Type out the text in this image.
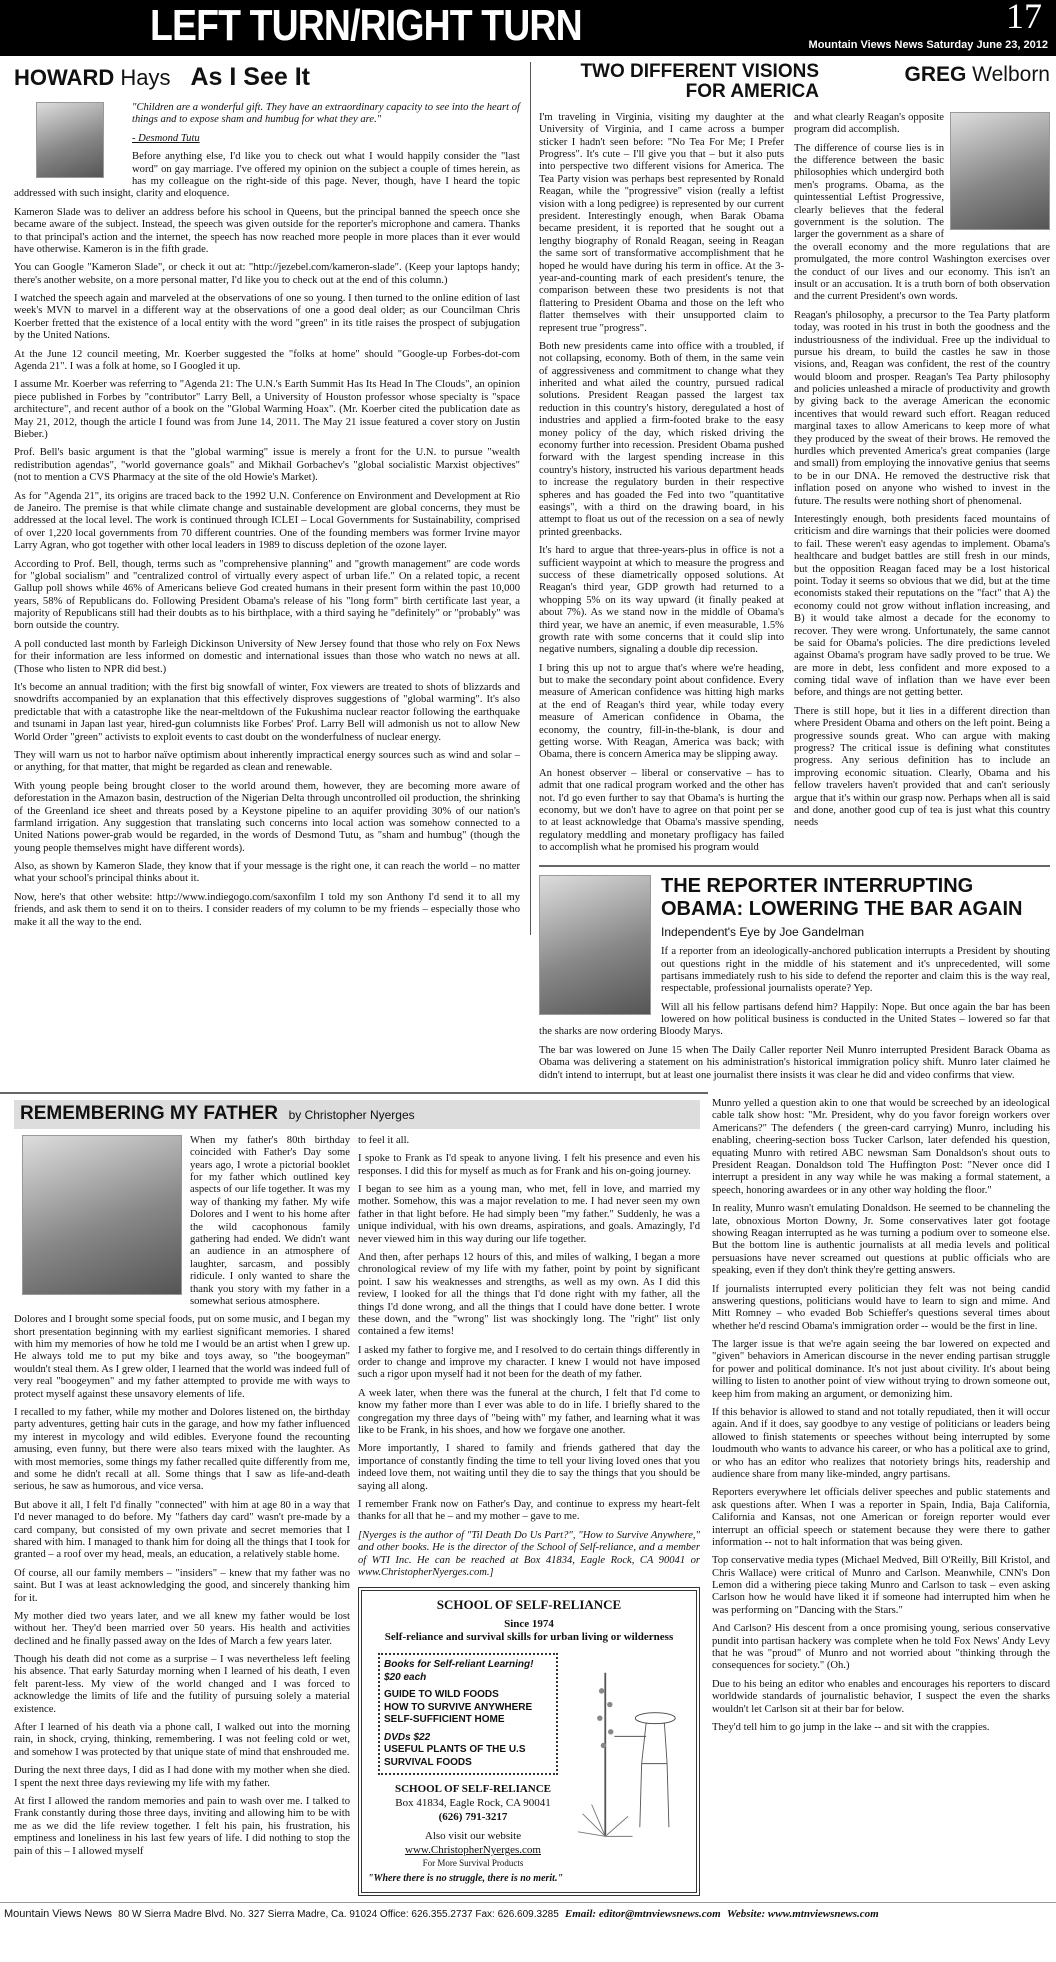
LEFT TURN/RIGHT TURN	17
Mountain Views News Saturday June 23, 2012
HOWARD Hays As I See It

"Children are a wonderful gift. They have an extraordinary capacity to see into the heart of things and to expose sham and humbug for what they are."

- Desmond Tutu

Before anything else, I'd like you to check out what I would happily consider the "last word" on gay marriage. I've offered my opinion on the subject a couple of times herein, as has my colleague on the right-side of this page. Never, though, have I heard the topic addressed with such insight, clarity and eloquence.

Kameron Slade was to deliver an address before his school in Queens, but the principal banned the speech once she became aware of the subject. Instead, the speech was given outside for the reporter's microphone and camera. Thanks to that principal's action and the internet, the speech has now reached more people in more places than it ever would have otherwise. Kameron is in the fifth grade.

You can Google "Kameron Slade", or check it out at: "http://jezebel.com/kameron-slade". (Keep your laptops handy; there's another website, on a more personal matter, I'd like you to check out at the end of this column.)

I watched the speech again and marveled at the observations of one so young. I then turned to the online edition of last week's MVN to marvel in a different way at the observations of one a good deal older; as our Councilman Chris Koerber fretted that the existence of a local entity with the word "green" in its title raises the prospect of subjugation by the United Nations.

At the June 12 council meeting, Mr. Koerber suggested the "folks at home" should "Google-up Forbes-dot-com Agenda 21". I was a folk at home, so I Googled it up.

I assume Mr. Koerber was referring to "Agenda 21: The U.N.'s Earth Summit Has Its Head In The Clouds", an opinion piece published in Forbes by "contributor" Larry Bell, a University of Houston professor whose specialty is "space architecture", and recent author of a book on the "Global Warming Hoax". (Mr. Koerber cited the publication date as May 21, 2012, though the article I found was from June 14, 2011. The May 21 issue featured a cover story on Justin Bieber.)

Prof. Bell's basic argument is that the "global warming" issue is merely a front for the U.N. to pursue "wealth redistribution agendas", "world governance goals" and Mikhail Gorbachev's "global socialistic Marxist objectives" (not to mention a CVS Pharmacy at the site of the old Howie's Market).

As for "Agenda 21", its origins are traced back to the 1992 U.N. Conference on Environment and Development at Rio de Janeiro. The premise is that while climate change and sustainable development are global concerns, they must be addressed at the local level. The work is continued through ICLEI – Local Governments for Sustainability, comprised of over 1,220 local governments from 70 different countries. One of the founding members was former Irvine mayor Larry Agran, who got together with other local leaders in 1989 to discuss depletion of the ozone layer.

According to Prof. Bell, though, terms such as "comprehensive planning" and "growth management" are code words for "global socialism" and "centralized control of virtually every aspect of urban life." On a related topic, a recent Gallup poll shows while 46% of Americans believe God created humans in their present form within the past 10,000 years, 58% of Republicans do. Following President Obama's release of his "long form" birth certificate last year, a majority of Republicans still had their doubts as to his birthplace, with a third saying he "definitely" or "probably" was born outside the country.

A poll conducted last month by Farleigh Dickinson University of New Jersey found that those who rely on Fox News for their information are less informed on domestic and international issues than those who watch no news at all. (Those who listen to NPR did best.)

It's become an annual tradition; with the first big snowfall of winter, Fox viewers are treated to shots of blizzards and snowdrifts accompanied by an explanation that this effectively disproves suggestions of "global warming". It's also predictable that with a catastrophe like the near-meltdown of the Fukushima nuclear reactor following the earthquake and tsunami in Japan last year, hired-gun columnists like Forbes' Prof. Larry Bell will admonish us not to allow New World Order "green" activists to exploit events to cast doubt on the wonderfulness of nuclear energy.

They will warn us not to harbor naïve optimism about inherently impractical energy sources such as wind and solar – or anything, for that matter, that might be regarded as clean and renewable.

With young people being brought closer to the world around them, however, they are becoming more aware of deforestation in the Amazon basin, destruction of the Nigerian Delta through uncontrolled oil production, the shrinking of the Greenland ice sheet and threats posed by a Keystone pipeline to an aquifer providing 30% of our nation's farmland irrigation. Any suggestion that translating such concerns into local action was somehow connected to a United Nations power-grab would be regarded, in the words of Desmond Tutu, as "sham and humbug" (though the young people themselves might have different words).

Also, as shown by Kameron Slade, they know that if your message is the right one, it can reach the world – no matter what your school's principal thinks about it.

Now, here's that other website: http://www.indiegogo.com/saxonfilm I told my son Anthony I'd send it to all my friends, and ask them to send it on to theirs. I consider readers of my column to be my friends – especially those who make it all the way to the end.

TWO DIFFERENT VISIONS
FOR AMERICA
GREG Welborn

I'm traveling in Virginia, visiting my daughter at the University of Virginia, and I came across a bumper sticker I hadn't seen before: "No Tea For Me; I Prefer Progress". It's cute – I'll give you that – but it also puts into perspective two different visions for America. The Tea Party vision was perhaps best represented by Ronald Reagan, while the "progressive" vision (really a leftist vision with a long pedigree) is represented by our current president. Interestingly enough, when Barak Obama became president, it is reported that he sought out a lengthy biography of Ronald Reagan, seeing in Reagan the same sort of transformative accomplishment that he hoped he would have during his term in office. At the 3-year-and-counting mark of each president's tenure, the comparison between these two presidents is not that flattering to President Obama and those on the left who flatter themselves with their unsupported claim to represent true "progress".

Both new presidents came into office with a troubled, if not collapsing, economy. Both of them, in the same vein of aggressiveness and commitment to change what they inherited and what ailed the country, pursued radical solutions. President Reagan passed the largest tax reduction in this country's history, deregulated a host of industries and applied a firm-footed brake to the easy money policy of the day, which risked driving the economy further into recession. President Obama pushed forward with the largest spending increase in this country's history, instructed his various department heads to increase the regulatory burden in their respective spheres and has goaded the Fed into two "quantitative easings", with a third on the drawing board, in his attempt to float us out of the recession on a sea of newly printed greenbacks.

It's hard to argue that three-years-plus in office is not a sufficient waypoint at which to measure the progress and success of these diametrically opposed solutions. At Reagan's third year, GDP growth had returned to a whopping 5% on its way upward (it finally peaked at about 7%). As we stand now in the middle of Obama's third year, we have an anemic, if even measurable, 1.5% growth rate with some concerns that it could slip into negative numbers, signaling a double dip recession.

I bring this up not to argue that's where we're heading, but to make the secondary point about confidence. Every measure of American confidence was hitting high marks at the end of Reagan's third year, while today every measure of American confidence in Obama, the economy, the country, fill-in-the-blank, is dour and getting worse. With Reagan, America was back; with Obama, there is concern America may be slipping away.

An honest observer – liberal or conservative – has to admit that one radical program worked and the other has not. I'd go even further to say that Obama's is hurting the economy, but we don't have to agree on that point per se to at least acknowledge that Obama's massive spending, regulatory meddling and monetary profligacy has failed to accomplish what he promised his program would

and what clearly Reagan's opposite program did accomplish.

The difference of course lies is in the difference between the basic philosophies which undergird both men's programs. Obama, as the quintessential Leftist Progressive, clearly believes that the federal government is the solution. The larger the government as a share of the overall economy and the more regulations that are promulgated, the more control Washington exercises over the conduct of our lives and our economy. This isn't an insult or an accusation. It is a truth born of both observation and the current President's own words.

Reagan's philosophy, a precursor to the Tea Party platform today, was rooted in his trust in both the goodness and the industriousness of the individual. Free up the individual to pursue his dream, to build the castles he saw in those visions, and, Reagan was confident, the rest of the country would bloom and prosper. Reagan's Tea Party philosophy and policies unleashed a miracle of productivity and growth by giving back to the average American the economic incentives that would reward such effort. Reagan reduced marginal taxes to allow Americans to keep more of what they produced by the sweat of their brows. He removed the hurdles which prevented America's great companies (large and small) from employing the innovative genius that seems to be in our DNA. He removed the destructive risk that inflation posed on anyone who wished to invest in the future. The results were nothing short of phenomenal.

Interestingly enough, both presidents faced mountains of criticism and dire warnings that their policies were doomed to fail. These weren't easy agendas to implement. Obama's healthcare and budget battles are still fresh in our minds, but the opposition Reagan faced may be a lost historical point. Today it seems so obvious that we did, but at the time economists staked their reputations on the "fact" that A) the economy could not grow without inflation increasing, and B) it would take almost a decade for the economy to recover. They were wrong. Unfortunately, the same cannot be said for Obama's policies. The dire predictions leveled against Obama's program have sadly proved to be true. We are more in debt, less confident and more exposed to a coming tidal wave of inflation than we have ever been before, and things are not getting better.

There is still hope, but it lies in a different direction than where President Obama and others on the left point. Being a progressive sounds great. Who can argue with making progress? The critical issue is defining what constitutes progress. Any serious definition has to include an improving economic situation. Clearly, Obama and his fellow travelers haven't provided that and can't seriously argue that it's within our grasp now. Perhaps when all is said and done, another good cup of tea is just what this country needs

THE REPORTER INTERRUPTING
OBAMA: LOWERING THE BAR AGAIN
Independent's Eye by Joe Gandelman

If a reporter from an ideologically-anchored publication interrupts a President by shouting out questions right in the middle of his statement and it's unprecedented, will some partisans immediately rush to his side to defend the reporter and claim this is the way real, respectable, professional journalists operate? Yep.

Will all his fellow partisans defend him? Happily: Nope. But once again the bar has been lowered on how political business is conducted in the United States – lowered so far that the sharks are now ordering Bloody Marys.

The bar was lowered on June 15 when The Daily Caller reporter Neil Munro interrupted President Barack Obama as Obama was delivering a statement on his administration's historical immigration policy shift. Munro later claimed he didn't intend to interrupt, but at least one journalist there insists it was clear he did and video confirms that view.

REMEMBERING MY FATHER by Christopher Nyerges

When my father's 80th birthday coincided with Father's Day some years ago, I wrote a pictorial booklet for my father which outlined key aspects of our life together. It was my way of thanking my father. My wife Dolores and I went to his home after the wild cacophonous family gathering had ended. We didn't want an audience in an atmosphere of laughter, sarcasm, and possibly ridicule. I only wanted to share the thank you story with my father in a somewhat serious atmosphere.

Dolores and I brought some special foods, put on some music, and I began my short presentation beginning with my earliest significant memories. I shared with him my memories of how he told me I would be an artist when I grew up. He always told me to put my bike and toys away, so "the boogeyman" wouldn't steal them. As I grew older, I learned that the world was indeed full of very real "boogeymen" and my father attempted to provide me with ways to protect myself against these unsavory elements of life.

I recalled to my father, while my mother and Dolores listened on, the birthday party adventures, getting hair cuts in the garage, and how my father influenced my interest in mycology and wild edibles. Everyone found the recounting amusing, even funny, but there were also tears mixed with the laughter. As with most memories, some things my father recalled quite differently from me, and some he didn't recall at all. Some things that I saw as life-and-death serious, he saw as humorous, and vice versa.

But above it all, I felt I'd finally "connected" with him at age 80 in a way that I'd never managed to do before. My "fathers day card" wasn't pre-made by a card company, but consisted of my own private and secret memories that I shared with him. I managed to thank him for doing all the things that I took for granted – a roof over my head, meals, an education, a relatively stable home.

Of course, all our family members – "insiders" – knew that my father was no saint. But I was at least acknowledging the good, and sincerely thanking him for it.

My mother died two years later, and we all knew my father would be lost without her. They'd been married over 50 years. His health and activities declined and he finally passed away on the Ides of March a few years later.

Though his death did not come as a surprise – I was nevertheless left feeling his absence. That early Saturday morning when I learned of his death, I even felt parent-less. My view of the world changed and I was forced to acknowledge the limits of life and the futility of pursuing solely a material existence.

After I learned of his death via a phone call, I walked out into the morning rain, in shock, crying, thinking, remembering. I was not feeling cold or wet, and somehow I was protected by that unique state of mind that enshrouded me.

During the next three days, I did as I had done with my mother when she died. I spent the next three days reviewing my life with my father.

At first I allowed the random memories and pain to wash over me. I talked to Frank constantly during those three days, inviting and allowing him to be with me as we did the life review together. I felt his pain, his frustration, his emptiness and loneliness in his last few years of life. I did nothing to stop the pain of this – I allowed myself

to feel it all.

I spoke to Frank as I'd speak to anyone living. I felt his presence and even his responses. I did this for myself as much as for Frank and his on-going journey.

I began to see him as a young man, who met, fell in love, and married my mother. Somehow, this was a major revelation to me. I had never seen my own father in that light before. He had simply been "my father." Suddenly, he was a unique individual, with his own dreams, aspirations, and goals. Amazingly, I'd never viewed him in this way during our life together.

And then, after perhaps 12 hours of this, and miles of walking, I began a more chronological review of my life with my father, point by point by significant point. I saw his weaknesses and strengths, as well as my own. As I did this review, I looked for all the things that I'd done right with my father, all the things I'd done wrong, and all the things that I could have done better. I wrote these down, and the "wrong" list was shockingly long. The "right" list only contained a few items!

I asked my father to forgive me, and I resolved to do certain things differently in order to change and improve my character. I knew I would not have imposed such a rigor upon myself had it not been for the death of my father.

A week later, when there was the funeral at the church, I felt that I'd come to know my father more than I ever was able to do in life. I briefly shared to the congregation my three days of "being with" my father, and learning what it was like to be Frank, in his shoes, and how we forgave one another.

More importantly, I shared to family and friends gathered that day the importance of constantly finding the time to tell your living loved ones that you indeed love them, not waiting until they die to say the things that you should be saying all along.

I remember Frank now on Father's Day, and continue to express my heart-felt thanks for all that he – and my mother – gave to me.

[Nyerges is the author of "Til Death Do Us Part?", "How to Survive Anywhere," and other books. He is the director of the School of Self-reliance, and a member of WTI Inc. He can be reached at Box 41834, Eagle Rock, CA 90041 or www.ChristopherNyerges.com.]

SCHOOL OF SELF-RELIANCE
Since 1974
Self-reliance and survival skills for urban living or wilderness
Books for Self-reliant Learning!
$20 each
GUIDE TO WILD FOODS
HOW TO SURVIVE ANYWHERE
SELF-SUFFICIENT HOME
DVDs $22
USEFUL PLANTS OF THE U.S
SURVIVAL FOODS
SCHOOL OF SELF-RELIANCE
Box 41834, Eagle Rock, CA 90041
(626) 791-3217
Also visit our website
www.ChristopherNyerges.com
For More Survival Products
"Where there is no struggle, there is no merit."

Munro yelled a question akin to one that would be screeched by an ideological cable talk show host: "Mr. President, why do you favor foreign workers over Americans?" The defenders ( the green-card carrying) Munro, including his enabling, cheering-section boss Tucker Carlson, later defended his question, equating Munro with retired ABC newsman Sam Donaldson's shout outs to President Reagan. Donaldson told The Huffington Post: "Never once did I interrupt a president in any way while he was making a formal statement, a speech, honoring awardees or in any other way holding the floor."

In reality, Munro wasn't emulating Donaldson. He seemed to be channeling the late, obnoxious Morton Downy, Jr. Some conservatives later got footage showing Reagan interrupted as he was turning a podium over to someone else. But the bottom line is authentic journalists at all media levels and political persuasions have never screamed out questions at public officials who are speaking, even if they don't think they're getting answers.

If journalists interrupted every politician they felt was not being candid answering questions, politicians would have to learn to sign and mime. And Mitt Romney – who evaded Bob Schieffer's questions several times about whether he'd rescind Obama's immigration order -- would be the first in line.

The larger issue is that we're again seeing the bar lowered on expected and "given" behaviors in American discourse in the never ending partisan struggle for power and political dominance. It's not just about civility. It's about being willing to listen to another point of view without trying to drown someone out, keep him from making an argument, or demonizing him.

If this behavior is allowed to stand and not totally repudiated, then it will occur again. And if it does, say goodbye to any vestige of politicians or leaders being allowed to finish statements or speeches without being interrupted by some loudmouth who wants to advance his career, or who has a political axe to grind, or who has an editor who realizes that notoriety brings hits, readership and audience share from many like-minded, angry partisans.

Reporters everywhere let officials deliver speeches and public statements and ask questions after. When I was a reporter in Spain, India, Baja California, California and Kansas, not one American or foreign reporter would ever interrupt an official speech or statement because they were there to gather information -- not to halt information that was being given.

Top conservative media types (Michael Medved, Bill O'Reilly, Bill Kristol, and Chris Wallace) were critical of Munro and Carlson. Meanwhile, CNN's Don Lemon did a withering piece taking Munro and Carlson to task – even asking Carlson how he would have liked it if someone had interrupted him when he was performing on "Dancing with the Stars."

And Carlson? His descent from a once promising young, serious conservative pundit into partisan hackery was complete when he told Fox News' Andy Levy that he was "proud" of Munro and not worried about "thinking through the consequences for society." (Oh.)

Due to his being an editor who enables and encourages his reporters to discard worldwide standards of journalistic behavior, I suspect the even the sharks wouldn't let Carlson sit at their bar for below.

They'd tell him to go jump in the lake -- and sit with the crappies.

Mountain Views News 80 W Sierra Madre Blvd. No. 327 Sierra Madre, Ca. 91024 Office: 626.355.2737 Fax: 626.609.3285 Email: editor@mtnviewsnews.com Website: www.mtnviewsnews.com
